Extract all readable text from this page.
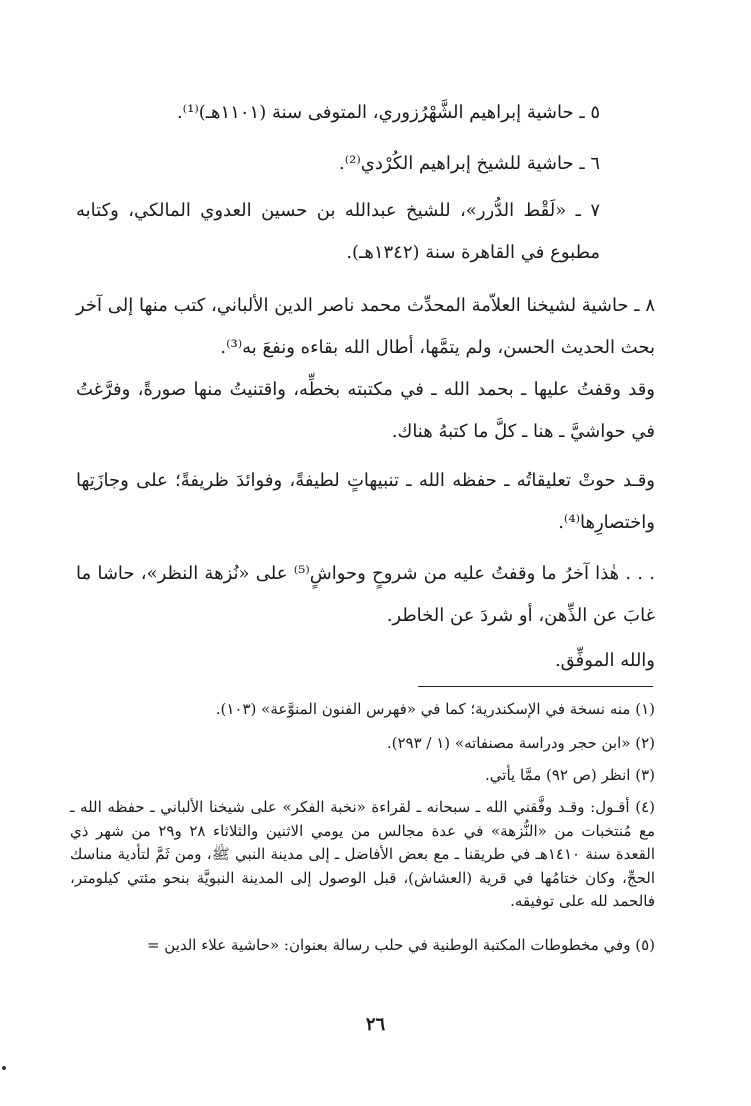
٥ ـ حاشية إبراهيم الشَّهْرُزوري، المتوفى سنة (١١٠١هـ)⁽¹⁾.

٦ ـ حاشية للشيخ إبراهيم الكُرْدي⁽²⁾.

٧ ـ «لَقْط الدُّرر»، للشيخ عبدالله بن حسين العدوي المالكي، وكتابه مطبوع في القاهرة سنة (١٣٤٢هـ).

٨ ـ حاشية لشيخنا العلاّمة المحدِّث محمد ناصر الدين الألباني، كتب منها إلى آخر بحث الحديث الحسن، ولم يتمَّها، أطال الله بقاءه ونفعَ به⁽³⁾.

وقد وقفتُ عليها ـ بحمد الله ـ في مكتبته بخطِّه، واقتنيتُ منها صورةً، وفرَّغتُ في حواشيَّ ـ هنا ـ كلَّ ما كتبهُ هناك.

وقـد حوتْ تعليقاتُه ـ حفظه الله ـ تنبيهاتٍ لطيفةً، وفوائدَ ظريفةً؛ على وجازَتِها واختصارِها⁽⁴⁾.

. . . هٰذا آخرُ ما وقفتُ عليه من شروحٍ وحواشٍ⁽⁵⁾ على «نُزهة النظر»، حاشا ما غابَ عن الذِّهن، أو شردَ عن الخاطر.

والله الموفِّق.

(١) منه نسخة في الإسكندرية؛ كما في «فهرس الفنون المنوَّعة» (١٠٣).

(٢) «ابن حجر ودراسة مصنفاته» (١ / ٢٩٣).

(٣) انظر (ص ٩٢) ممَّا يأتي.

(٤) أقـول: وقـد وفَّقني الله ـ سبحانه ـ لقراءة «نخبة الفكر» على شيخنا الألباني ـ حفظه الله ـ مع مُنتخبات من «النُّزهة» في عدة مجالس من يومي الاثنين والثلاثاء ٢٨ و٢٩ من شهر ذي القعدة سنة ١٤١٠هـ في طريقنا ـ مع بعض الأفاضل ـ إلى مدينة النبي ﷺ، ومن ثَمَّ لتأدية مناسك الحجِّ، وكان ختامُها في قرية (العشاش)، قبل الوصول إلى المدينة النبويَّة بنحو مئتي كيلومتر، فالحمد لله على توفيقه.

(٥) وفي مخطوطات المكتبة الوطنية في حلب رسالة بعنوان: «حاشية علاء الدين =

٢٦
